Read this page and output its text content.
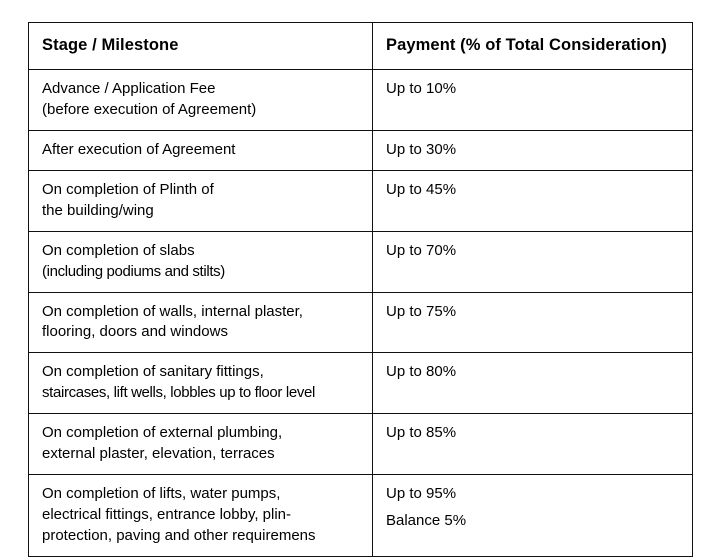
Stage / Milestone	Payment (% of Total Consideration)

Advance / Application Fee
(before execution of Agreement)	Up to 10%

After execution of Agreement	Up to 30%

On completion of Plinth of
the building/wing	Up to 45%

On completion of slabs
(including podiums and stilts)	Up to 70%

On completion of walls, internal plaster,
flooring, doors and windows	Up to 75%

On completion of sanitary fittings,
staircases, lift wells, lobbles up to floor level	Up to 80%

On completion of external plumbing,
external plaster, elevation, terraces	Up to 85%

On completion of lifts, water pumps,
electrical fittings, entrance lobby, plin-
protection, paving and other requiremens	Up to 95%
Balance 5%
